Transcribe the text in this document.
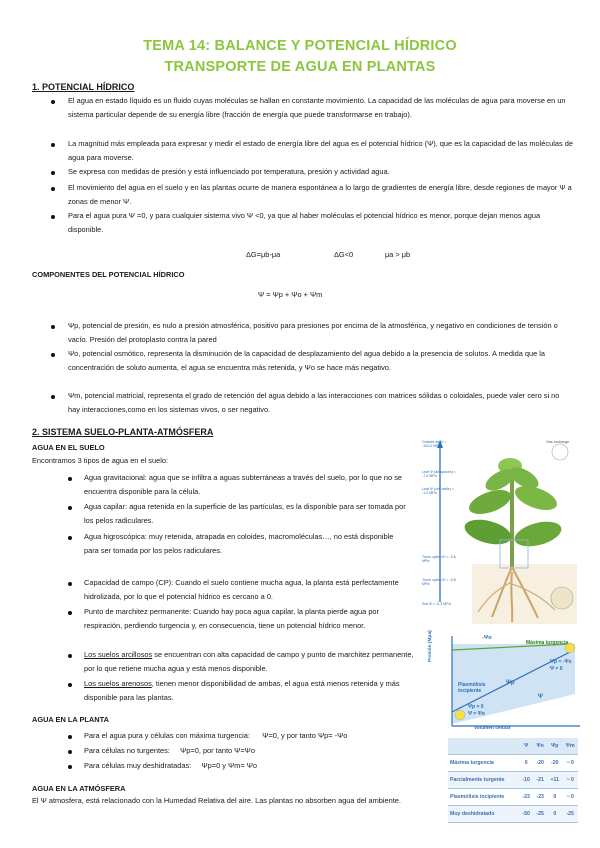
TEMA 14: BALANCE Y POTENCIAL HÍDRICO
TRANSPORTE DE AGUA EN PLANTAS
1. POTENCIAL HÍDRICO
El agua en estado líquido es un fluido cuyas moléculas se hallan en constante movimiento. La capacidad de las moléculas de agua para moverse en un sistema particular depende de su energía libre (fracción de energía que puede transformarse en trabajo).
La magnitud más empleada para expresar y medir el estado de energía libre del agua es el potencial hídrico (Ψ), que es la capacidad de las moléculas de agua para moverse.
Se expresa con medidas de presión y está influenciado por temperatura, presión y actividad agua.
El movimiento del agua en el suelo y en las plantas ocurre de manera espontánea a lo largo de gradientes de energía libre, desde regiones de mayor Ψ a zonas de menor Ψ.
Para el agua pura Ψ =0, y para cualquier sistema vivo Ψ <0, ya que al haber moléculas el potencial hídrico es menor, porque dejan menos agua disponible.
ΔG=μb-μa	ΔG<0	μa > μb
COMPONENTES DEL POTENCIAL HÍDRICO
Ψ = Ψp + Ψo + Ψm
Ψp, potencial de presión, es nulo a presión atmosférica, positivo para presiones por encima de la atmosférica, y negativo en condiciones de tensión o vacío. Presión del protoplasto contra la pared
Ψo, potencial osmótico, representa la disminución de la capacidad de desplazamiento del agua debido a la presencia de solutos. A medida que la concentración de soluto aumenta, el agua se encuentra más retenida, y Ψo se hace más negativo.
Ψm, potencial matricial, representa el grado de retención del agua debido a las interacciones con matrices sólidas o coloidales, puede valer cero si no hay interacciones,como en los sistemas vivos, o ser negativo.
2. SISTEMA SUELO-PLANTA-ATMÓSFERA
AGUA EN EL SUELO
Encontramos 3 tipos de agua en el suelo:
Agua gravitacional: agua que se infiltra a aguas subterráneas a través del suelo, por lo que no se encuentra disponible para la célula.
Agua capilar: agua retenida en la superficie de las partículas, es la disponible para ser tomada por los pelos radiculares.
Agua higroscópica: muy retenida, atrapada en coloides, macromoléculas…, no está disponible para ser tomada por los pelos radiculares.
Capacidad de campo (CP): Cuando el suelo contiene mucha agua, la planta está perfectamente hidrolizada, por lo que el potencial hídrico es cercano a 0.
Punto de marchitez permanente: Cuando hay poca agua capilar, la planta pierde agua por respiración, perdiendo turgencia y, en consecuencia, tiene un potencial hídrico menor.
Los suelos arcillosos se encuentran con alta capacidad de campo y punto de marchitez permanente, por lo que retiene mucha agua y está menos disponible.
Los suelos arenosos, tienen menor disponibilidad de ambas, el agua está menos retenida y más disponible para las plantas.
AGUA EN LA PLANTA
Para el agua pura y células con máxima turgencia:      Ψ=0, y por tanto Ψp= -Ψo
Para células no turgentes:     Ψp=0, por tanto Ψ=Ψo
Para células muy deshidratadas:     Ψp=0 y Ψm= Ψo
AGUA EN LA ATMÓSFERA
El Ψ atmosfera, está relacionado con la Humedad Relativa del aire. Las plantas no absorben agua del ambiente.
Outside air Ψ = -100.0 MPa
Leaf Ψ (air spaces) = -7.0 MPa
Leaf Ψ (cell walls) = -1.0 MPa
Trunk xylem Ψ = -0.6 MPa
Trunk xylem Ψ = -0.8 MPa
Soil Ψ = -0.3 MPa
Gas exchange
Presión (Mpa)
Volumen celular
-Ψo
Máxima turgencia
Ψp = -Ψo
Ψ = 0
Ψp
Ψ
Plasmólisis incipiente
Ψp = 0
Ψ = Ψo
	Ψ	Ψo	Ψp	Ψm
Máxima turgencia	0	-20	-20	~ 0
Parcialmente turgente	-10	-21	+11	~ 0
Plasmólisis incipiente	-23	-23	0	~ 0
Muy deshidratado	-50	-25	0	-25
